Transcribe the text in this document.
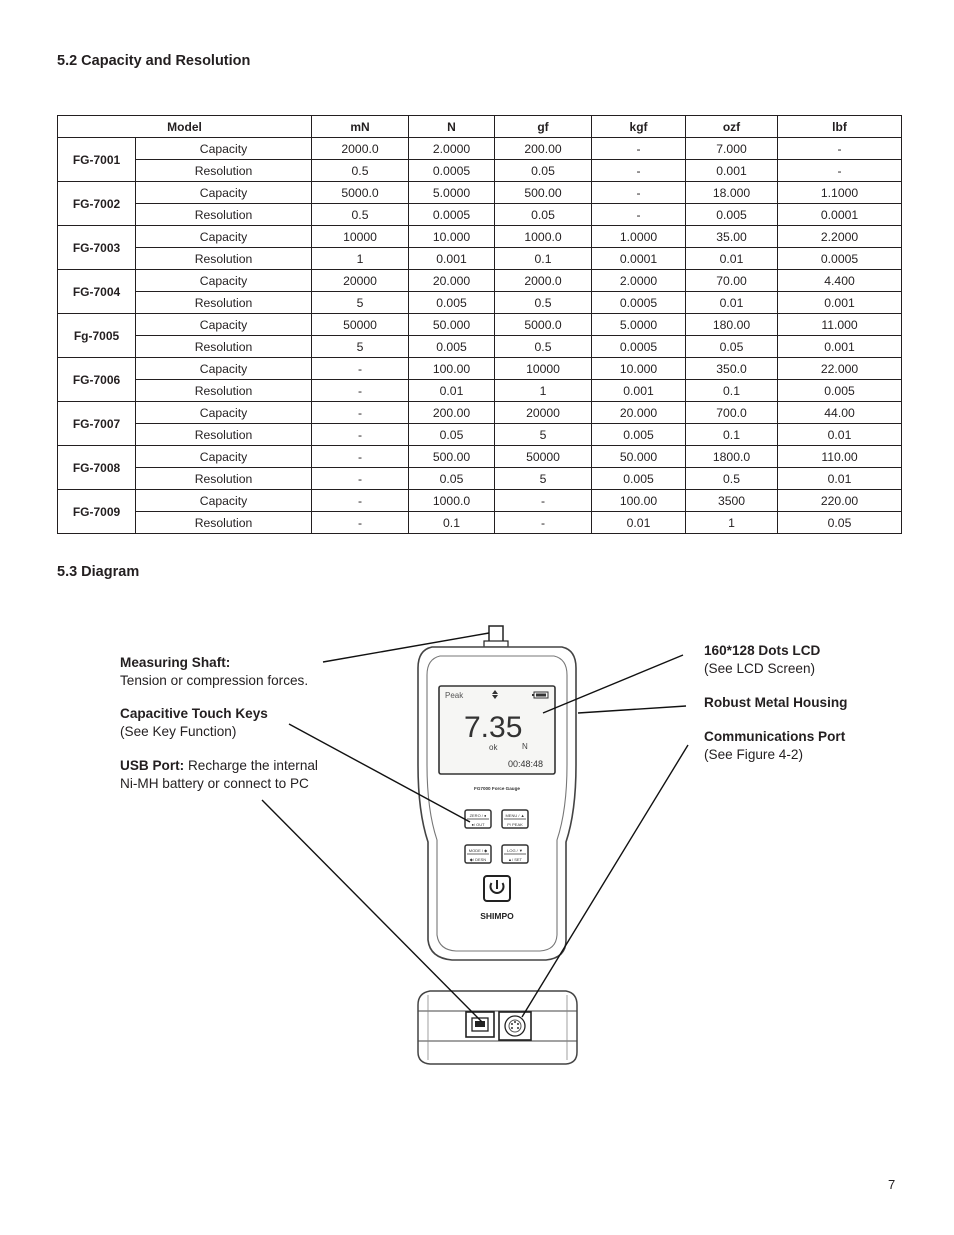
5.2 Capacity and Resolution
Model		mN	N	gf	kgf	ozf	lbf
FG-7001	Capacity	2000.0	2.0000	200.00	-	7.000	-
	Resolution	0.5	0.0005	0.05	-	0.001	-
FG-7002	Capacity	5000.0	5.0000	500.00	-	18.000	1.1000
	Resolution	0.5	0.0005	0.05	-	0.005	0.0001
FG-7003	Capacity	10000	10.000	1000.0	1.0000	35.00	2.2000
	Resolution	1	0.001	0.1	0.0001	0.01	0.0005
FG-7004	Capacity	20000	20.000	2000.0	2.0000	70.00	4.400
	Resolution	5	0.005	0.5	0.0005	0.01	0.001
Fg-7005	Capacity	50000	50.000	5000.0	5.0000	180.00	11.000
	Resolution	5	0.005	0.5	0.0005	0.05	0.001
FG-7006	Capacity	-	100.00	10000	10.000	350.0	22.000
	Resolution	-	0.01	1	0.001	0.1	0.005
FG-7007	Capacity	-	200.00	20000	20.000	700.0	44.00
	Resolution	-	0.05	5	0.005	0.1	0.01
FG-7008	Capacity	-	500.00	50000	50.000	1800.0	110.00
	Resolution	-	0.05	5	0.005	0.5	0.01
FG-7009	Capacity	-	1000.0	-	100.00	3500	220.00
	Resolution	-	0.1	-	0.01	1	0.05
5.3 Diagram
Measuring Shaft:
Tension or compression forces.
Capacitive Touch Keys
(See Key Function)
USB Port: Recharge the internal
Ni-MH battery or connect to PC
160*128 Dots LCD
(See LCD Screen)
Robust Metal Housing
Communications Port
(See Figure 4-2)
Peak
7.35
ok	N
00:48:48
FG7000 Force Gauge
ZERO / ●
●/ OUT
MENU / ▲
P/ PEAK
MODE / ◆
◆/ DESN
LOG / ▼
▲/ SET
SHIMPO
7
